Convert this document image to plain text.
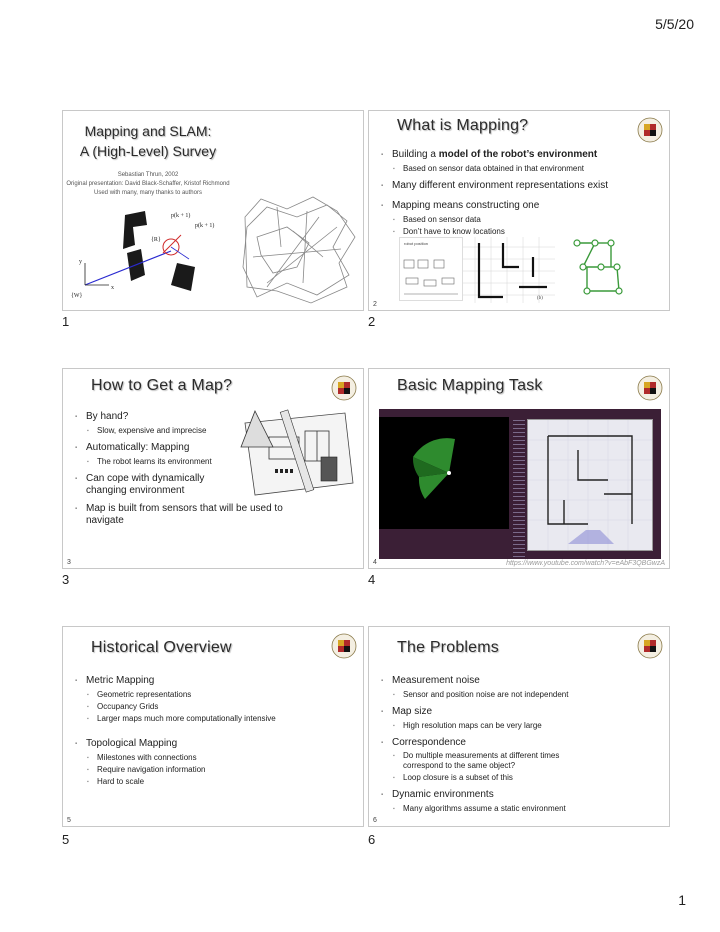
5/5/20
1
Mapping and SLAM:
A (High-Level) Survey
Sebastian Thrun, 2002
Original presentation: David Black-Schaffer, Kristof Richmond
Used with many, many thanks to authors
p(k + 1)
p(k + 1)
{R}
{W}
y
x
1
What is Mapping?
▪ Building a model of the robot’s environment
▪ Based on sensor data obtained in that environment
▪ Many different environment representations exist
▪ Mapping means constructing one
▪ Based on sensor data
▪ Don’t have to know locations
robot position
(b)
2
2
How to Get a Map?
▪ By hand?
▪ Slow, expensive and imprecise
▪ Automatically: Mapping
▪ The robot learns its environment
▪ Can cope with dynamically changing environment
▪ Map is built from sensors that will be used to navigate
3
3
Basic Mapping Task
https://www.youtube.com/watch?v=eAbF3QBGwzA
4
4
Historical Overview
▪ Metric Mapping
▪ Geometric representations
▪ Occupancy Grids
▪ Larger maps much more computationally intensive
▪ Topological Mapping
▪ Milestones with connections
▪ Require navigation information
▪ Hard to scale
5
5
The Problems
▪ Measurement noise
▪ Sensor and position noise are not independent
▪ Map size
▪ High resolution maps can be very large
▪ Correspondence
▪ Do multiple measurements at different times correspond to the same object?
▪ Loop closure is a subset of this
▪ Dynamic environments
▪ Many algorithms assume a static environment
6
6
